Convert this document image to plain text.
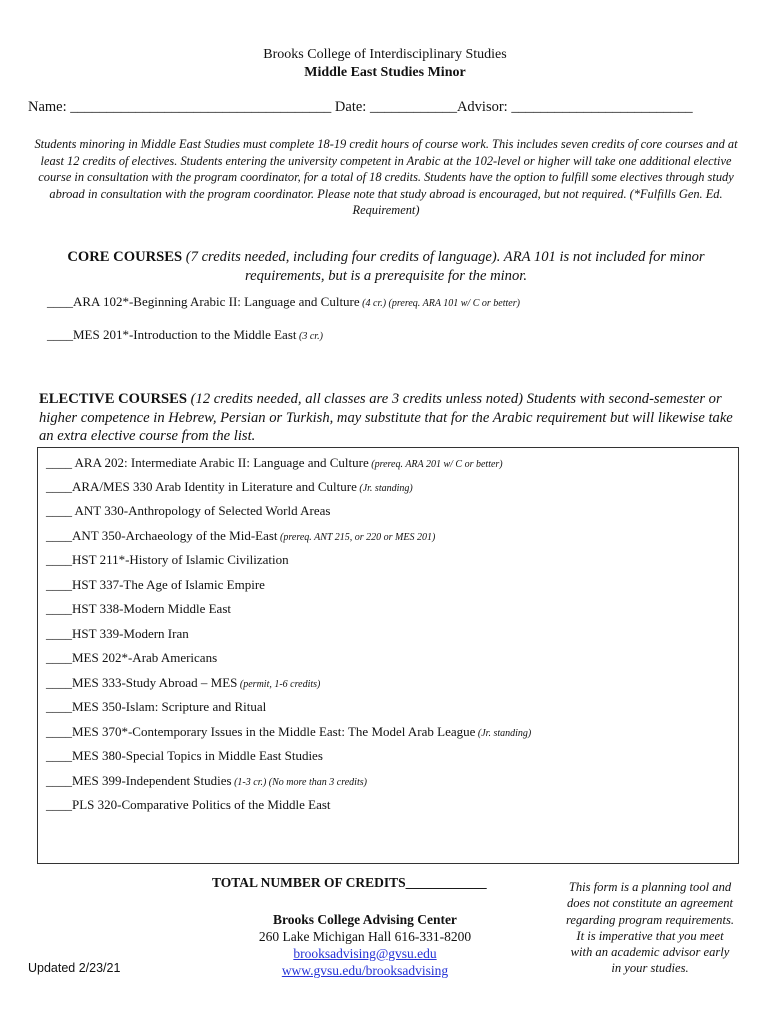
Brooks College of Interdisciplinary Studies
Middle East Studies Minor
Name: ____________________________________ Date: ____________Advisor: _________________________
Students minoring in Middle East Studies must complete 18-19 credit hours of course work. This includes seven credits of core courses and at least 12 credits of electives. Students entering the university competent in Arabic at the 102-level or higher will take one additional elective course in consultation with the program coordinator, for a total of 18 credits. Students have the option to fulfill some electives through study abroad in consultation with the program coordinator. Please note that study abroad is encouraged, but not required. (*Fulfills Gen. Ed. Requirement)
CORE COURSES (7 credits needed, including four credits of language). ARA 101 is not included for minor requirements, but is a prerequisite for the minor.
____ARA 102*-Beginning Arabic II: Language and Culture (4 cr.) (prereq. ARA 101 w/ C or better)
____MES 201*-Introduction to the Middle East (3 cr.)
ELECTIVE COURSES (12 credits needed, all classes are 3 credits unless noted) Students with second-semester or higher competence in Hebrew, Persian or Turkish, may substitute that for the Arabic requirement but will likewise take an extra elective course from the list.
____ ARA 202: Intermediate Arabic II: Language and Culture (prereq. ARA 201 w/ C or better)
____ARA/MES 330 Arab Identity in Literature and Culture (Jr. standing)
____ ANT 330-Anthropology of Selected World Areas
____ANT 350-Archaeology of the Mid-East (prereq. ANT 215, or 220 or MES 201)
____HST 211*-History of Islamic Civilization
____HST 337-The Age of Islamic Empire
____HST 338-Modern Middle East
____HST 339-Modern Iran
____MES 202*-Arab Americans
____MES 333-Study Abroad – MES (permit, 1-6 credits)
____MES 350-Islam: Scripture and Ritual
____MES 370*-Contemporary Issues in the Middle East: The Model Arab League (Jr. standing)
____MES 380-Special Topics in Middle East Studies
____MES 399-Independent Studies (1-3 cr.) (No more than 3 credits)
____PLS 320-Comparative Politics of the Middle East
TOTAL NUMBER OF CREDITS____________
Brooks College Advising Center
260 Lake Michigan Hall 616-331-8200
brooksadvising@gvsu.edu
www.gvsu.edu/brooksadvising
Updated 2/23/21
This form is a planning tool and does not constitute an agreement regarding program requirements. It is imperative that you meet with an academic advisor early in your studies.
